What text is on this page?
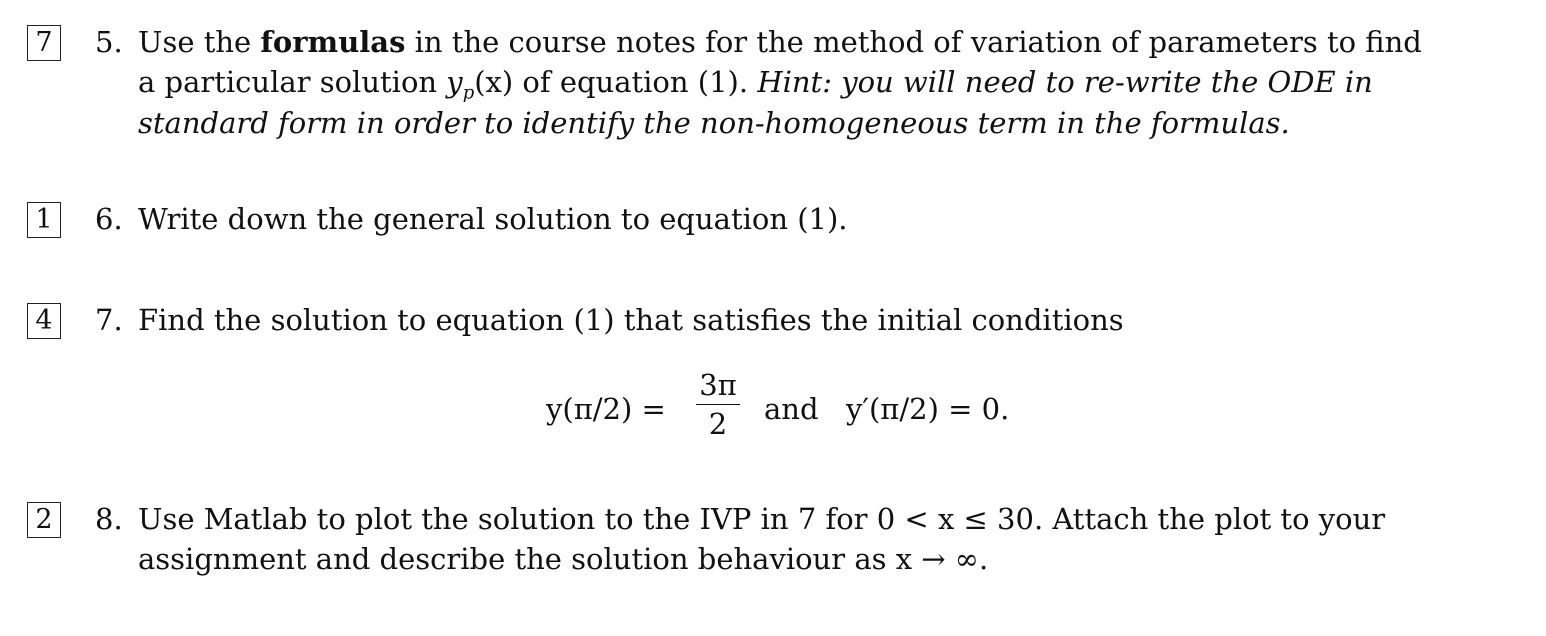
7 5. Use the formulas in the course notes for the method of variation of parameters to find
a particular solution $y_p(x)$ of equation (1). Hint: you will need to re-write the ODE in
standard form in order to identify the non-homogeneous term in the formulas.
1 6. Write down the general solution to equation (1).
4 7. Find the solution to equation (1) that satisfies the initial conditions
y(π/2) =
3π
2	and y′(π/2) = 0.
2 8. Use Matlab to plot the solution to the IVP in 7 for 0 < x ≤ 30. Attach the plot to your
assignment and describe the solution behaviour as x → ∞.
